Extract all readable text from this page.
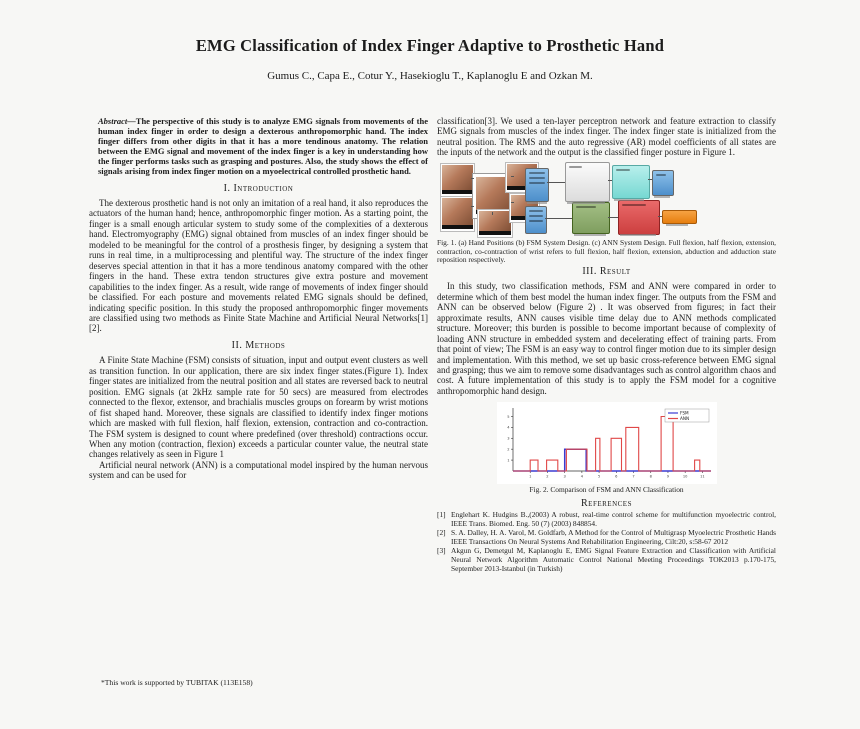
EMG Classification of Index Finger Adaptive to Prosthetic Hand
Gumus C., Capa E., Cotur Y., Hasekioglu T., Kaplanoglu E and Ozkan M.

Abstract—The perspective of this study is to analyze EMG signals from movements of the human index finger in order to design a dexterous anthropomorphic hand. The index finger differs from other digits in that it has a more tendinous anatomy. The relation between the EMG signal and movement of the index finger is a key in understanding how the finger performs tasks such as grasping and postures. Also, the study shows the effect of signals arising from index finger motion on a myoelectrical controlled prosthetic hand.

I. Introduction

The dexterous prosthetic hand is not only an imitation of a real hand, it also reproduces the actuators of the human hand; hence, anthropomorphic finger motion. As a starting point, the finger is a small enough articular system to study some of the complexities of a dexterous hand. Electromyography (EMG) signal obtained from muscles of an index finger should be modeled to be meaningful for the control of a prosthesis finger, by designing a system that runs in real time, in a multiprocessing and plentiful way. The structure of the index finger deserves special attention in that it has a more tendinous anatomy compared with the other fingers in the hand. These extra tendon structures give extra posture and movement capabilities to the index finger. As a result, wide range of movements of index finger should be classified. For each posture and movements related EMG signals should be defined, indicating specific position. In this study the proposed anthropomorphic finger movements are classified using two methods as Finite State Machine and Artificial Neural Networks[1][2].

II. Methods

A Finite State Machine (FSM) consists of situation, input and output event clusters as well as transition function. In our application, there are six index finger states.(Figure 1). Index finger states are initialized from the neutral position and all states are reversed back to neutral position. EMG signals (at 2kHz sample rate for 50 secs) are measured from electrodes connected to the flexor, extensor, and brachialis muscles groups on forearm by wrist motions of fist shaped hand. Moreover, these signals are classified to identify index finger motions which are masked with full flexion, half flexion, extension, contraction and co-contraction. The FSM system is designed to count where predefined (over threshold) contractions occur. When any motion (contraction, flexion) exceeds a particular counter value, the neutral state changes relatively as seen in Figure 1

Artificial neural network (ANN) is a computational model inspired by the human nervous system and can be used for

*This work is supported by TUBITAK (113E158)

classification[3]. We used a ten-layer perceptron network and feature extraction to classify EMG signals from muscles of the index finger. The index finger state is initialized from the neutral position. The RMS and the auto regressive (AR) model coefficients of all states are the inputs of the network and the output is the classified finger posture in Figure 1.

Fig. 1. (a) Hand Positions (b) FSM System Design. (c) ANN System Design. Full flexion, half flexion, extension, contraction, co-contraction of wrist refers to full flexion, half flexion, extension, abduction and adduction state reposition respectively.

III. Result

In this study, two classification methods, FSM and ANN were compared in order to determine which of them best model the human index finger. The outputs from the FSM and ANN can be observed below (Figure 2) . It was observed from figures; in fact their approximate results, ANN causes visible time delay due to ANN methods complicated structure. Moreover; this burden is possible to become important because of complexity of loading ANN structure in embedded system and decelerating effect of training parts. From that point of view; The FSM is an easy way to control finger motion due to its simpler design and implementation. With this method, we set up basic cross-reference between EMG signal and grasping; thus we aim to remove some disadvantages such as control algorithm chaos and cost. A future implementation of this study is to apply the FSM model for a cognitive anthropomorphic hand design.

1	2	3	4	5	6	7	8	9	10	11
1
2
3
4
5
FSM
ANN
Fig. 2. Comparison of FSM and ANN Classification

References

[1] Englehart K. Hudgins B.,(2003) A robust, real-time control scheme for multifunction myoelectric control, IEEE Trans. Biomed. Eng. 50 (7) (2003) 848854.
[2] S. A. Dalley, H. A. Varol, M. Goldfarb, A Method for the Control of Multigrasp Myoelectric Prosthetic Hands IEEE Transactions On Neural Systems And Rehabilitation Engineering, Cilt:20, s:58-67 2012
[3] Akgun G, Demetgul M, Kaplanoglu E, EMG Signal Feature Extraction and Classification with Artificial Neural Network Algorithm Automatic Control National Meeting Proceedings TOK2013 p.170-175, September 2013-Istanbul (in Turkish)
